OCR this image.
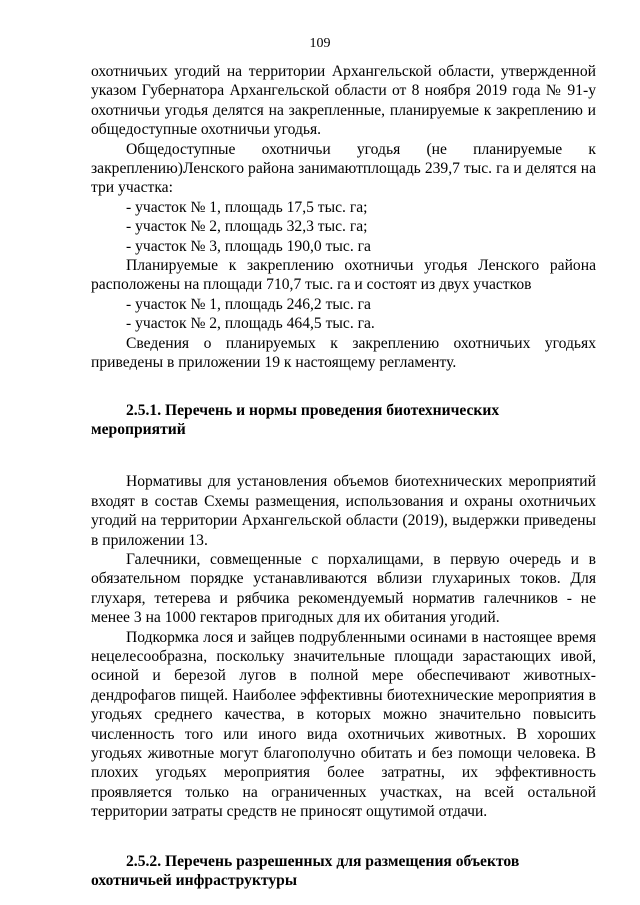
109

охотничьих угодий на территории Архангельской области, утвержденной указом Губернатора Архангельской области от 8 ноября 2019 года № 91-у охотничьи угодья делятся на закрепленные, планируемые к закреплению и общедоступные охотничьи угодья.

Общедоступные охотничьи угодья (не планируемые к закреплению)Ленского района занимаютплощадь 239,7 тыс. га и делятся на три участка:

- участок № 1, площадь 17,5 тыс. га;

- участок № 2, площадь 32,3 тыс. га;

- участок № 3, площадь 190,0 тыс. га

Планируемые к закреплению охотничьи угодья Ленского района расположены на площади 710,7 тыс. га и состоят из двух участков

- участок № 1, площадь 246,2 тыс. га

- участок № 2, площадь 464,5 тыс. га.

Сведения о планируемых к закреплению охотничьих угодьях приведены в приложении 19 к настоящему регламенту.

2.5.1. Перечень и нормы проведения биотехнических мероприятий

Нормативы для установления объемов биотехнических мероприятий входят в состав Схемы размещения, использования и охраны охотничьих угодий на территории Архангельской области (2019), выдержки приведены в приложении 13.

Галечники, совмещенные с порхалищами, в первую очередь и в обязательном порядке устанавливаются вблизи глухариных токов. Для глухаря, тетерева и рябчика рекомендуемый норматив галечников - не менее 3 на 1000 гектаров пригодных для их обитания угодий.

Подкормка лося и зайцев подрубленными осинами в настоящее время нецелесообразна, поскольку значительные площади зарастающих ивой, осиной и березой лугов в полной мере обеспечивают животных-дендрофагов пищей. Наиболее эффективны биотехнические мероприятия в угодьях среднего качества, в которых можно значительно повысить численность того или иного вида охотничьих животных. В хороших угодьях животные могут благополучно обитать и без помощи человека. В плохих угодьях мероприятия более затратны, их эффективность проявляется только на ограниченных участках, на всей остальной территории затраты средств не приносят ощутимой отдачи.

2.5.2. Перечень разрешенных для размещения объектов охотничьей инфраструктуры
